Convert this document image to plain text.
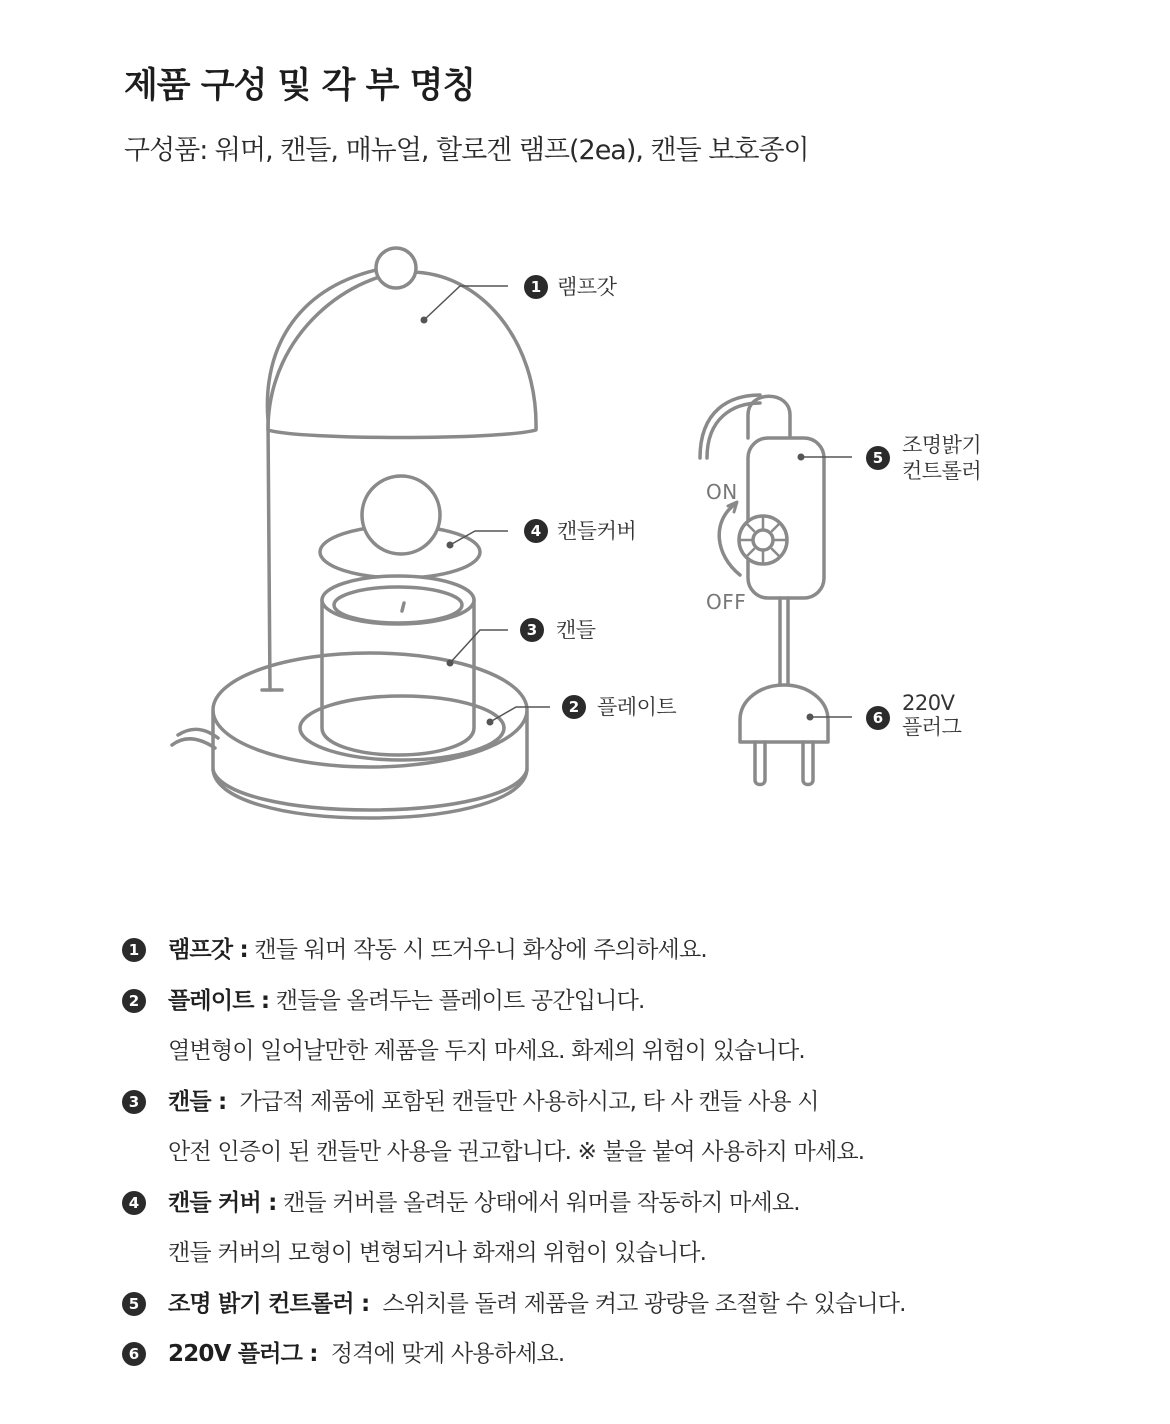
제품 구성 및 각 부 명칭

구성품: 워머, 캔들, 매뉴얼, 할로겐 램프(2ea), 캔들 보호종이

1 램프갓
4 캔들커버
3 캔들
2 플레이트
5
조명밝기
컨트롤러
6
220V
플러그
ON
OFF
1 램프갓 : 캔들 워머 작동 시 뜨거우니 화상에 주의하세요.
2 플레이트 : 캔들을 올려두는 플레이트 공간입니다.
열변형이 일어날만한 제품을 두지 마세요. 화제의 위험이 있습니다.
3 캔들 :  가급적 제품에 포함된 캔들만 사용하시고, 타 사 캔들 사용 시
안전 인증이 된 캔들만 사용을 권고합니다. ※ 불을 붙여 사용하지 마세요.
4 캔들 커버 : 캔들 커버를 올려둔 상태에서 워머를 작동하지 마세요.
캔들 커버의 모형이 변형되거나 화재의 위험이 있습니다.
5 조명 밝기 컨트롤러 :  스위치를 돌려 제품을 켜고 광량을 조절할 수 있습니다.
6 220V 플러그 :  정격에 맞게 사용하세요.
